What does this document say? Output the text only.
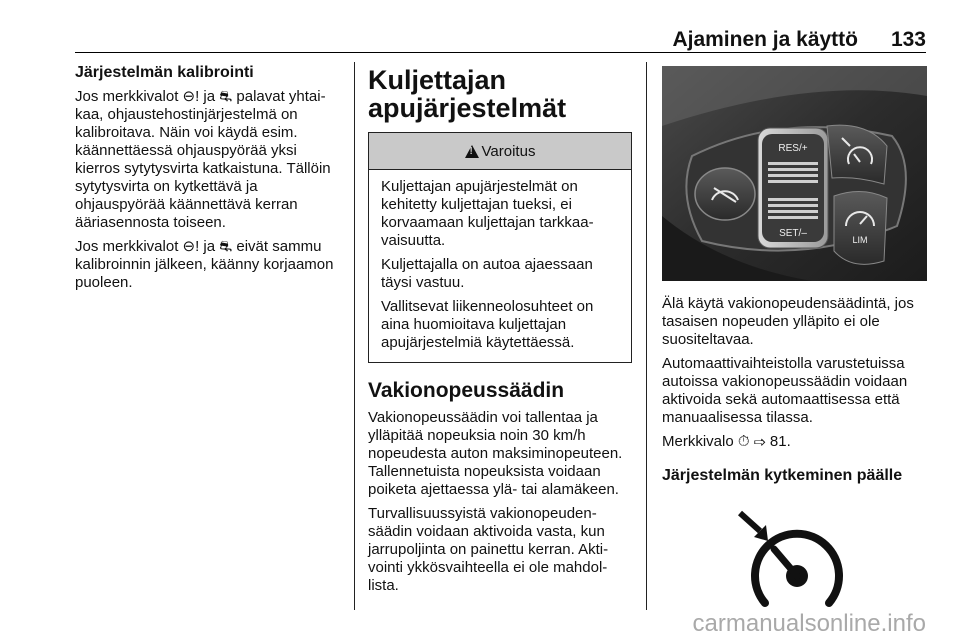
Ajaminen ja käyttö 133
Järjestelmän kalibrointi

Jos merkkivalot ⊖! ja ⛐ palavat yhtaikaa, ohjaustehostinjärjestelmä on kalibroitava. Näin voi käydä esim. käännettäessä ohjauspyörää yksi kierros sytytysvirta katkaistuna. Tällöin sytytysvirta on kytkettävä ja ohjauspyörää käännettävä kerran ääriasennosta toiseen.

Jos merkkivalot ⊖! ja ⛐ eivät sammu kalibroinnin jälkeen, käänny korjaamon puoleen.

Kuljettajan
apujärjestelmät
!
Varoitus

Kuljettajan apujärjestelmät on kehitetty kuljettajan tueksi, ei korvaamaan kuljettajan tarkkaavaisuutta.

Kuljettajalla on autoa ajaessaan täysi vastuu.

Vallitsevat liikenneolosuhteet on aina huomioitava kuljettajan apujärjestelmiä käytettäessä.

Vakionopeussäädin

Vakionopeussäädin voi tallentaa ja ylläpitää nopeuksia noin 30 km/h nopeudesta auton maksiminopeuteen. Tallennetuista nopeuksista voidaan poiketa ajettaessa ylä- tai alamäkeen.

Turvallisuussyistä vakionopeudensäädin voidaan aktivoida vasta, kun jarrupoljinta on painettu kerran. Aktivointi ykkösvaihteella ei ole mahdollista.

RES/+
SET/–
LIM

Älä käytä vakionopeudensäädintä, jos tasaisen nopeuden ylläpito ei ole suositeltavaa.

Automaattivaihteistolla varustetuissa autoissa vakionopeussäädin voidaan aktivoida sekä automaattisessa että manuaalisessa tilassa.

Merkkivalo ⏱ ⇨ 81.

Järjestelmän kytkeminen päälle
carmanualsonline.info
